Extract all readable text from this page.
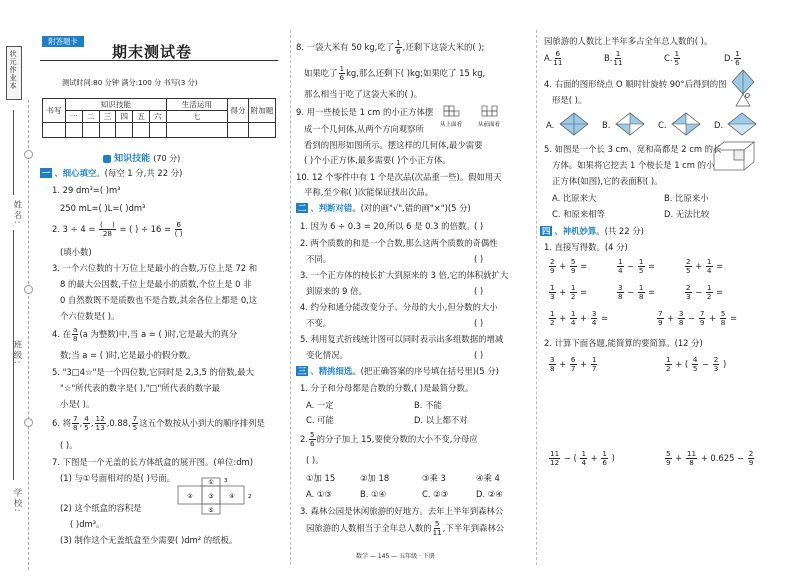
状元作业本
学校:
班级:
姓名:
附答题卡
期末测试卷
测试时间:80 分钟 满分:100 分 书写(3 分)
书写	知识技能						生活运用	得分	附加题
	一	二	三	四	五	六	七		

知识技能 (70 分)
一 、细心填空。(每空 1 分,共 22 分)
1. 29 dm³=( )m³
250 mL=( )L=( )dm³
2. $3 \div 4 = \frac{( )}{28}$ = ( ) ÷ $16 = \frac{6}{( )}$
(填小数)
3. 一个六位数的十万位上是最小的合数,万位上是 72 和
8 的最大公因数,千位上是最小的质数,个位上是 0 非
0 自然数既不是质数也不是合数,其余各位上都是 0,这
个六位数是( )。
4. 在 $\frac{a}{8} (a$ 为整数)中,当 a = ( )时,它是最大的真分
数;当 a = ( )时,它是最小的假分数。
5. "3□4☆"是一个四位数,它同时是 2,3,5 的倍数,最大
"☆"所代表的数字是( ),"□"所代表的数字最
小是( )。
6. 将 $\frac{7}{8}$ , $\frac{4}{5}$ , $\frac{12}{13} ,0.88$, $\frac{7}{5}$ 这五个数按从小到大的顺序排列是
( )。
7. 下图是一个无盖的长方体纸盒的展开图。(单位:dm)
(1) 与①号面相对的是( )号面。
(2) 这个纸盒的容积是
( )dm³。
(3) 制作这个无盖纸盒至少需要( )dm² 的纸板。
①
②	③	④
⑤
3
2
8. 一袋大米有 50 kg,吃了 $\frac{1}{6}$ ,还剩下这袋大米的( );
如果吃了 $\frac{1}{6}$ kg,那么还剩下( )kg;如果吃了 15 kg,
那么相当于吃了这袋大米的( )。
9. 用一些棱长是 1 cm 的小正方体摆
成一个几何体,从两个方向观察所
看到的图形如图所示。摆这样的几何体,最少需要
( )个小正方体,最多需要( )个小正方体。
从上面看	从前面看
10. 12 个零件中有 1 个是次品(次品重一些)。假如用天
平称,至少称( )次能保证找出次品。
二 、判断对错。(对的画"√",错的画"×")(5 分)
1. 因为 6 ÷ 0.3 = 20,所以 6 是 0.3 的倍数。 ( )
2. 两个质数的和是一个合数,那么这两个质数的奇偶性
不同。	( )
3. 一个正方体的棱长扩大到原来的 3 倍,它的体积就扩大
到原来的 9 倍。	( )
4. 约分和通分能改变分子、分母的大小,但分数的大小
不变。	( )
5. 利用复式折线统计图可以同时表示出多组数据的增减
变化情况。	( )
三 、精挑细选。(把正确答案的序号填在括号里)(5 分)
1. 分子和分母都是合数的分数,( )是最简分数。
A. 一定	B. 不能
C. 可能	D. 以上都不对
2. $\frac{5}{6}$ 的分子加上 15,要使分数的大小不变,分母应
( )。
①加 15	②加 18	③乘 3	④乘 4
A. ①③	B. ①④	C. ②③	D. ②④
3. 森林公园是休闲旅游的好地方。去年上半年到森林公
园旅游的人数相当于全年总人数的 $\frac{5}{11}$ ,下半年到森林公
数学 — 145 — 五年级 · 下册
园旅游的人数比上半年多占全年总人数的( )。
A. $\frac{6}{11}$	B. $\frac{1}{11}$	C. $\frac{1}{5}$	D. $\frac{1}{6}$
4. 右面的图形绕点 O 顺时针旋转 90°后得到的图
形是( )。	O
A.	B.	C.	D.
5. 如图是一个长 3 cm、宽和高都是 2 cm 的长
方体。如果将它挖去 1 个棱长是 1 cm 的小
正方体(如图),它的表面积( )。
A. 比原来大	B. 比原来小
C. 和原来相等	D. 无法比较
四 、神机妙算。(共 22 分)
1. 直接写得数。(4 分)
2. 计算下面各题,能简算的要简算。(12 分)
$\frac{2}{9} + \frac{5}{9}$ =	$\frac{1}{4} - \frac{1}{5}$ =	$\frac{2}{5} + \frac{1}{4}$ =
$\frac{1}{3} + \frac{1}{2}$ =	$\frac{3}{8} - \frac{1}{8}$ =	$\frac{2}{3} - \frac{1}{2}$ =
$\frac{1}{2} + \frac{1}{4} + \frac{3}{4}$ =	$\frac{7}{9} + \frac{3}{8} - \frac{7}{9} + \frac{5}{8}$ =
$\frac{3}{8} + \frac{6}{7} + \frac{1}{7}$	$\frac{1}{2}$ + ( $\frac{4}{5} - \frac{2}{3}$ )
$\frac{11}{12}$ − ( $\frac{1}{4} + \frac{1}{6}$ )	$\frac{5}{9} + \frac{11}{8} + 0.625 - \frac{2}{9}$
